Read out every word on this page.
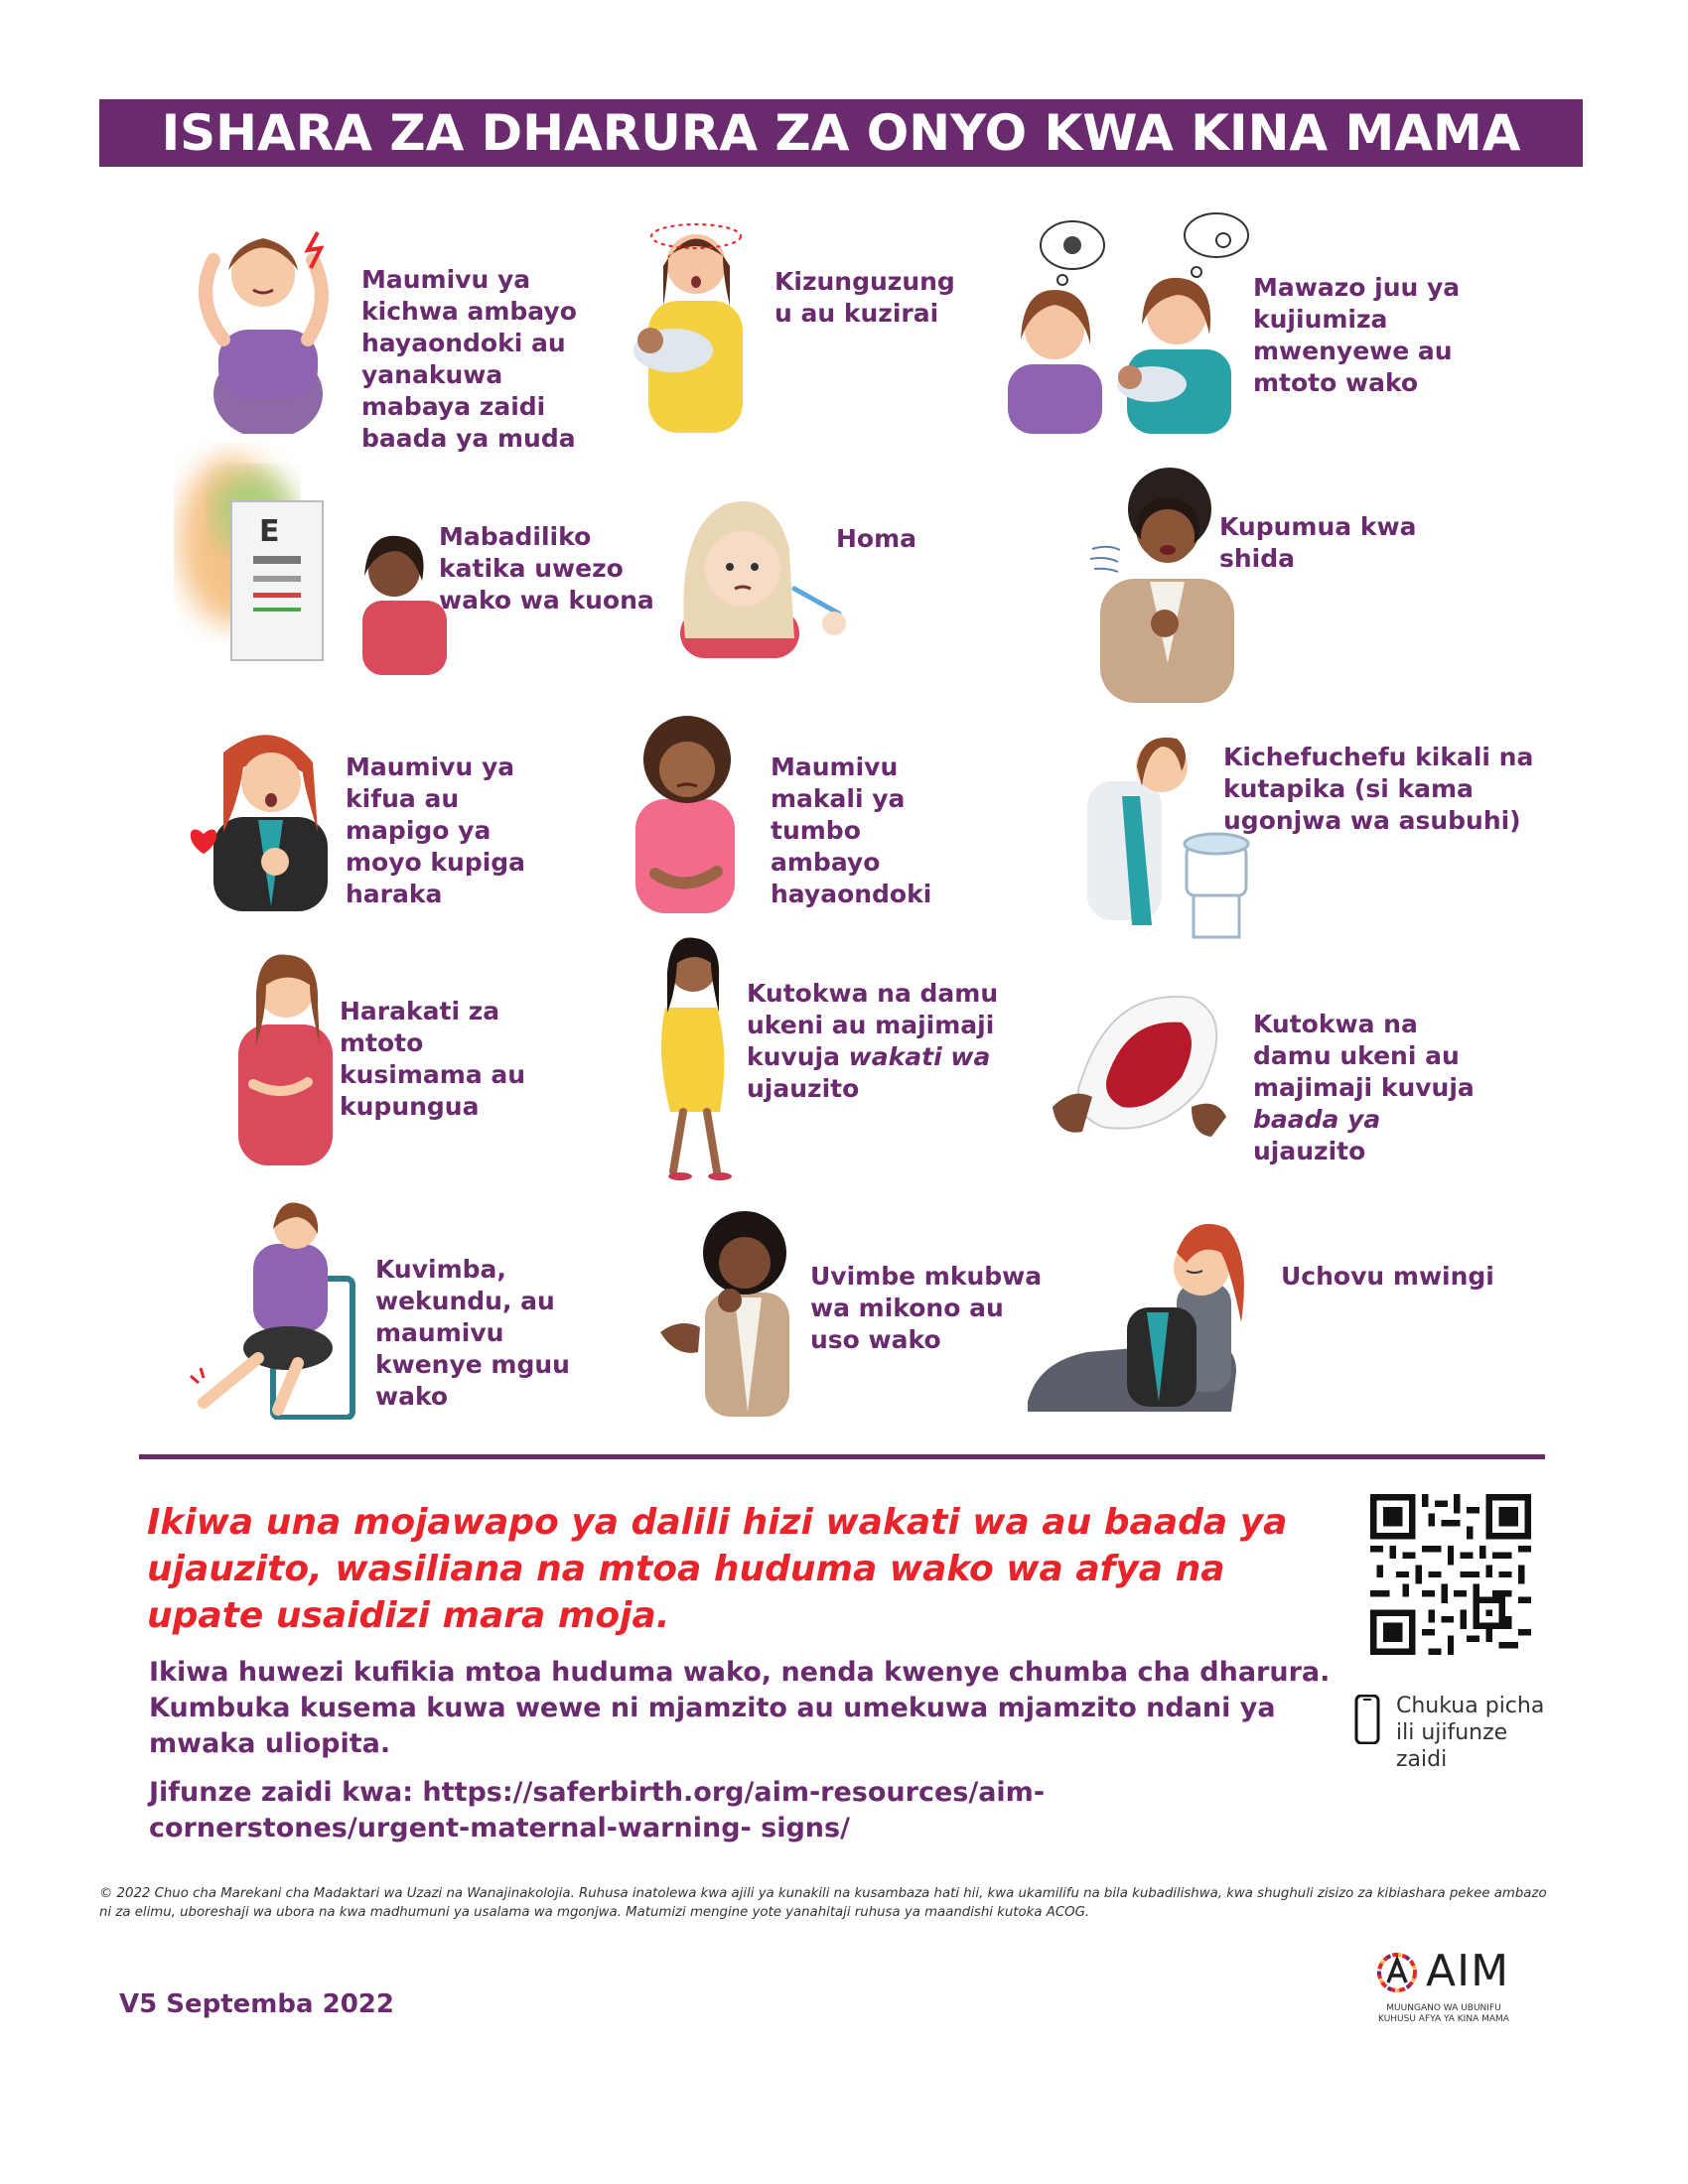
ISHARA ZA DHARURA ZA ONYO KWA KINA MAMA
Maumivu ya
kichwa ambayo
hayaondoki au
yanakuwa
mabaya zaidi
baada ya muda
Kizunguzung
u au kuzirai
Mawazo juu ya
kujiumiza
mwenyewe au
mtoto wako
E	Mabadiliko
katika uwezo
wako wa kuona
Homa	Kupumua kwa
shida
Maumivu ya
kifua au
mapigo ya
moyo kupiga
haraka
Maumivu
makali ya
tumbo
ambayo
hayaondoki
Kichefuchefu kikali na
kutapika (si kama
ugonjwa wa asubuhi)
Harakati za
mtoto
kusimama au
kupungua
Kutokwa na damu
ukeni au majimaji
kuvuja wakati wa
ujauzito
Kutokwa na
damu ukeni au
majimaji kuvuja
baada ya
ujauzito
Kuvimba,
wekundu, au
maumivu
kwenye mguu
wako
Uvimbe mkubwa
wa mikono au
uso wako
Uchovu mwingi
Ikiwa una mojawapo ya dalili hizi wakati wa au baada ya ujauzito, wasiliana na mtoa huduma wako wa afya na upate usaidizi mara moja.
Ikiwa huwezi kufikia mtoa huduma wako, nenda kwenye chumba cha dharura. Kumbuka kusema kuwa wewe ni mjamzito au umekuwa mjamzito ndani ya mwaka uliopita.
Jifunze zaidi kwa: https://saferbirth.org/aim-resources/aim-cornerstones/urgent-maternal-warning- signs/
Chukua picha ili ujifunze zaidi
© 2022 Chuo cha Marekani cha Madaktari wa Uzazi na Wanajinakolojia. Ruhusa inatolewa kwa ajili ya kunakili na kusambaza hati hii, kwa ukamilifu na bila kubadilishwa, kwa shughuli zisizo za kibiashara pekee ambazo ni za elimu, uboreshaji wa ubora na kwa madhumuni ya usalama wa mgonjwa. Matumizi mengine yote yanahitaji ruhusa ya maandishi kutoka ACOG.
V5 Septemba 2022
AIM
MUUNGANO WA UBUNIFU KUHUSU AFYA YA KINA MAMA
